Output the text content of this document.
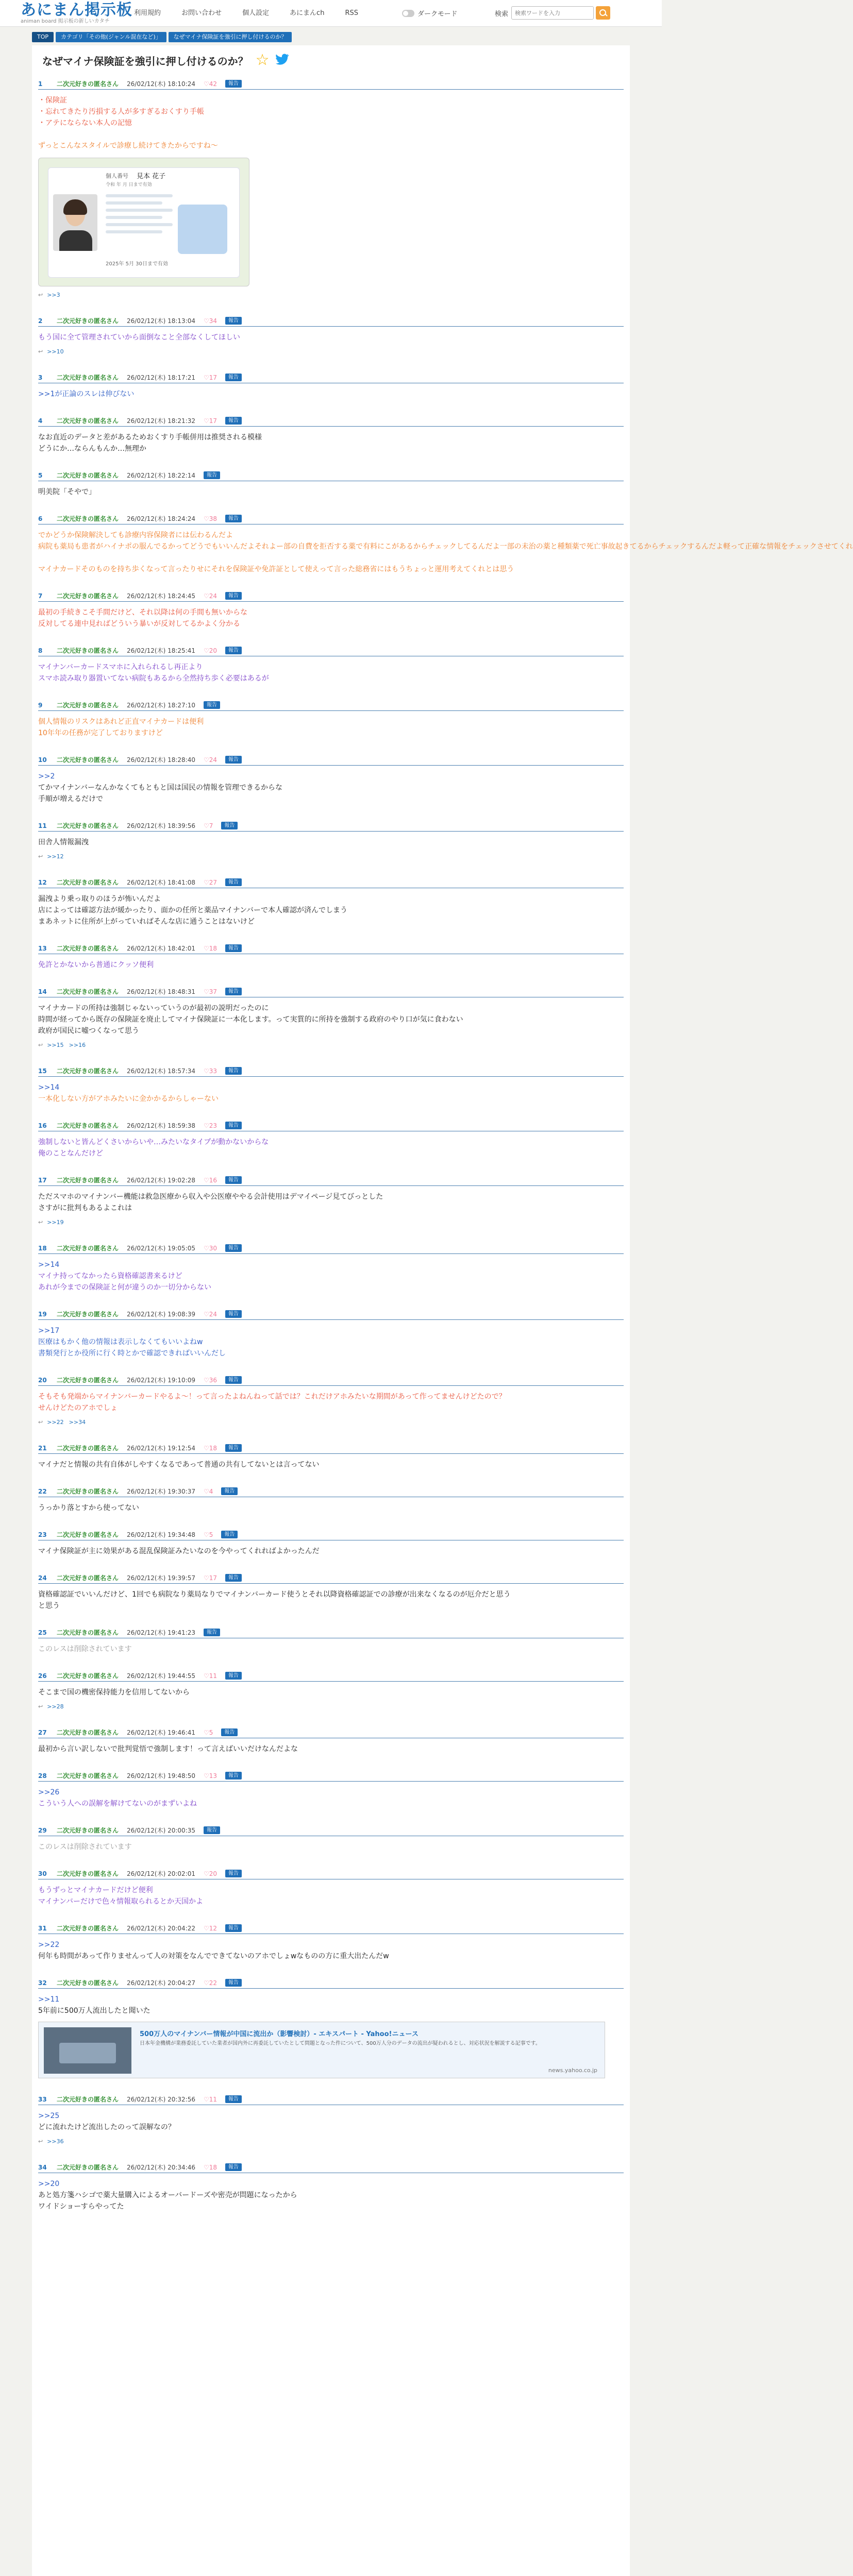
あにまん掲示板
animan board 掲示板の新しいカタチ
利用規約	お問い合わせ	個人設定	あにまんch	RSS	ダークモード	検索
検索ワードを入力
TOP	カテゴリ「その他(ジャンル混在など)」	なぜマイナ保険証を強引に押し付けるのか？
なぜマイナ保険証を強引に押し付けるのか？ ☆
1	二次元好きの匿名さん 26/02/12(木) 18:10:24 ♡42	報告
・保険証
・忘れてきたり汚損する人が多すぎるおくすり手帳
・アテにならない本人の記憶

ずっとこんなスタイルで診療し続けてきたからですね〜
個人番号 見本 花子
令和 年 月 日まで有効
2025年 5月 30日まで有効
↩ >>3
2	二次元好きの匿名さん 26/02/12(木) 18:13:04 ♡34	報告
もう国に全て管理されていから面倒なこと全部なくしてほしい
↩ >>10
3	二次元好きの匿名さん 26/02/12(木) 18:17:21 ♡17	報告
>>1が正論のスレは伸びない
4	二次元好きの匿名さん 26/02/12(木) 18:21:32 ♡17	報告
なお直近のデータと差があるためおくすり手帳併用は推奨される模様
どうにか…ならんもんか…無理か
5	二次元好きの匿名さん 26/02/12(木) 18:22:14	報告
明美院「そやで」
6	二次元好きの匿名さん 26/02/12(木) 18:24:24 ♡38	報告
でかどうか保険解決しても診療内容保険者には伝わるんだよ
病院も薬局も患者がハイナポの服んでるかってどうでもいいんだよそれよー部の自費を拒否する薬で有料にこがあるからチェックしてるんだよ一部の未治の薬と種類薬で死亡事故起きてるからチェックするんだよ軽って正確な情報をチェックさせてくれ

マイナカードそのものを持ち歩くなって言ったりせにそれを保険証や免許証として使えって言った総務省にはもうちょっと運用考えてくれとは思う
7	二次元好きの匿名さん 26/02/12(木) 18:24:45 ♡24	報告
最初の手続きこそ手間だけど、それ以降は何の手間も無いからな
反対してる連中見ればどういう暴いが反対してるかよく分かる
8	二次元好きの匿名さん 26/02/12(木) 18:25:41 ♡20	報告
マイナンバーカードスマホに入れられるし再正より
スマホ読み取り器置いてない病院もあるから全然持ち歩く必要はあるが
9	二次元好きの匿名さん 26/02/12(木) 18:27:10	報告
個人情報のリスクはあれど正直マイナカードは便利
10年年の任務が完了しておりますけど
10	二次元好きの匿名さん 26/02/12(木) 18:28:40 ♡24	報告
>>2
てかマイナンバーなんかなくてもともと国は国民の情報を管理できるからな
手順が増えるだけで
11	二次元好きの匿名さん 26/02/12(木) 18:39:56 ♡7	報告
田舎人情報漏洩
↩ >>12
12	二次元好きの匿名さん 26/02/12(木) 18:41:08 ♡27	報告
漏洩より乗っ取りのほうが怖いんだよ
店によっては確認方法が緩かったり、面かの任所と薬品マイナンバーで本人確認が済んでしまう
まあネットに住所が上がっていればそんな店に通うことはないけど
13	二次元好きの匿名さん 26/02/12(木) 18:42:01 ♡18	報告
免許とかないから普通にクッソ便利
14	二次元好きの匿名さん 26/02/12(木) 18:48:31 ♡37	報告
マイナカードの所持は強制じゃないっていうのが最初の説明だったのに
時間が経ってから既存の保険証を廃止してマイナ保険証に一本化します。って実質的に所持を強制する政府のやり口が気に食わない
政府が国民に嘘つくなって思う
↩ >>15 >>16
15	二次元好きの匿名さん 26/02/12(木) 18:57:34 ♡33	報告
>>14
一本化しない方がアホみたいに金かかるからしゃーない
16	二次元好きの匿名さん 26/02/12(木) 18:59:38 ♡23	報告
強制しないと皆んどくさいからいや…みたいなタイプが動かないからな
俺のことなんだけど
17	二次元好きの匿名さん 26/02/12(木) 19:02:28 ♡16	報告
ただスマホのマイナンバー機能は救急医療から収入や公医療ややる会計使用はデマイページ見てびっとした
さすがに批判もあるよこれは
↩ >>19
18	二次元好きの匿名さん 26/02/12(木) 19:05:05 ♡30	報告
>>14
マイナ持ってなかったら資格確認書来るけど
あれが今までの保険証と何が違うのか一切分からない
19	二次元好きの匿名さん 26/02/12(木) 19:08:39 ♡24	報告
>>17
医療はもかく他の情報は表示しなくてもいいよねw
書類発行とか役所に行く時とかで確認できればいいんだし
20	二次元好きの匿名さん 26/02/12(木) 19:10:09 ♡36	報告
そもそも発端からマイナンバーカードやるよ～！って言ったよねんねって話では？これだけアホみたいな期間があって作ってませんけどたので？
せんけどたのアホでしょ
↩ >>22 >>34
21	二次元好きの匿名さん 26/02/12(木) 19:12:54 ♡18	報告
マイナだと情報の共有自体がしやすくなるであって普通の共有してないとは言ってない
22	二次元好きの匿名さん 26/02/12(木) 19:30:37 ♡4	報告
うっかり落とすから使ってない
23	二次元好きの匿名さん 26/02/12(木) 19:34:48 ♡5	報告
マイナ保険証が主に効果がある混乱保険証みたいなのを今やってくれればよかったんだ
24	二次元好きの匿名さん 26/02/12(木) 19:39:57 ♡17	報告
資格確認証でいいんだけど、1回でも病院なり薬局なりでマイナンバーカード使うとそれ以降資格確認証での診療が出来なくなるのが厄介だと思う
と思う
25	二次元好きの匿名さん 26/02/12(木) 19:41:23	報告
このレスは削除されています
26	二次元好きの匿名さん 26/02/12(木) 19:44:55 ♡11	報告
そこまで国の機密保持能力を信用してないから
↩ >>28
27	二次元好きの匿名さん 26/02/12(木) 19:46:41 ♡5	報告
最初から言い訳しないで批判覚悟で強制します！って言えばいいだけなんだよな
28	二次元好きの匿名さん 26/02/12(木) 19:48:50 ♡13	報告
>>26
こういう人への誤解を解けてないのがまずいよね
29	二次元好きの匿名さん 26/02/12(木) 20:00:35	報告
このレスは削除されています
30	二次元好きの匿名さん 26/02/12(木) 20:02:01 ♡20	報告
もうずっとマイナカードだけど便利
マイナンバーだけで色々情報取られるとか天国かよ
31	二次元好きの匿名さん 26/02/12(木) 20:04:22 ♡12	報告
>>22
何年も時間があって作りませんって人の対策をなんでできてないのアホでしょwなものの方に重大出たんだw
32	二次元好きの匿名さん 26/02/12(木) 20:04:27 ♡22	報告
>>11
5年前に500万人流出したと聞いた
500万人のマイナンバー情報が中国に流出か（影響検討）- エキスパート - Yahoo!ニュース
日本年金機構が業務委託していた業者が国内外に再委託していたとして問題となった件について、500万人分のデータの流出が疑われるとし、対応状況を解説する記事です。
news.yahoo.co.jp
33	二次元好きの匿名さん 26/02/12(木) 20:32:56 ♡11	報告
>>25
どに流れたけど流出したのって誤解なの？
↩ >>36
34	二次元好きの匿名さん 26/02/12(木) 20:34:46 ♡18	報告
>>20
あと処方箋ハシゴで薬大量購入によるオーバードーズや密売が問題になったから
ワイドショーすらやってた
